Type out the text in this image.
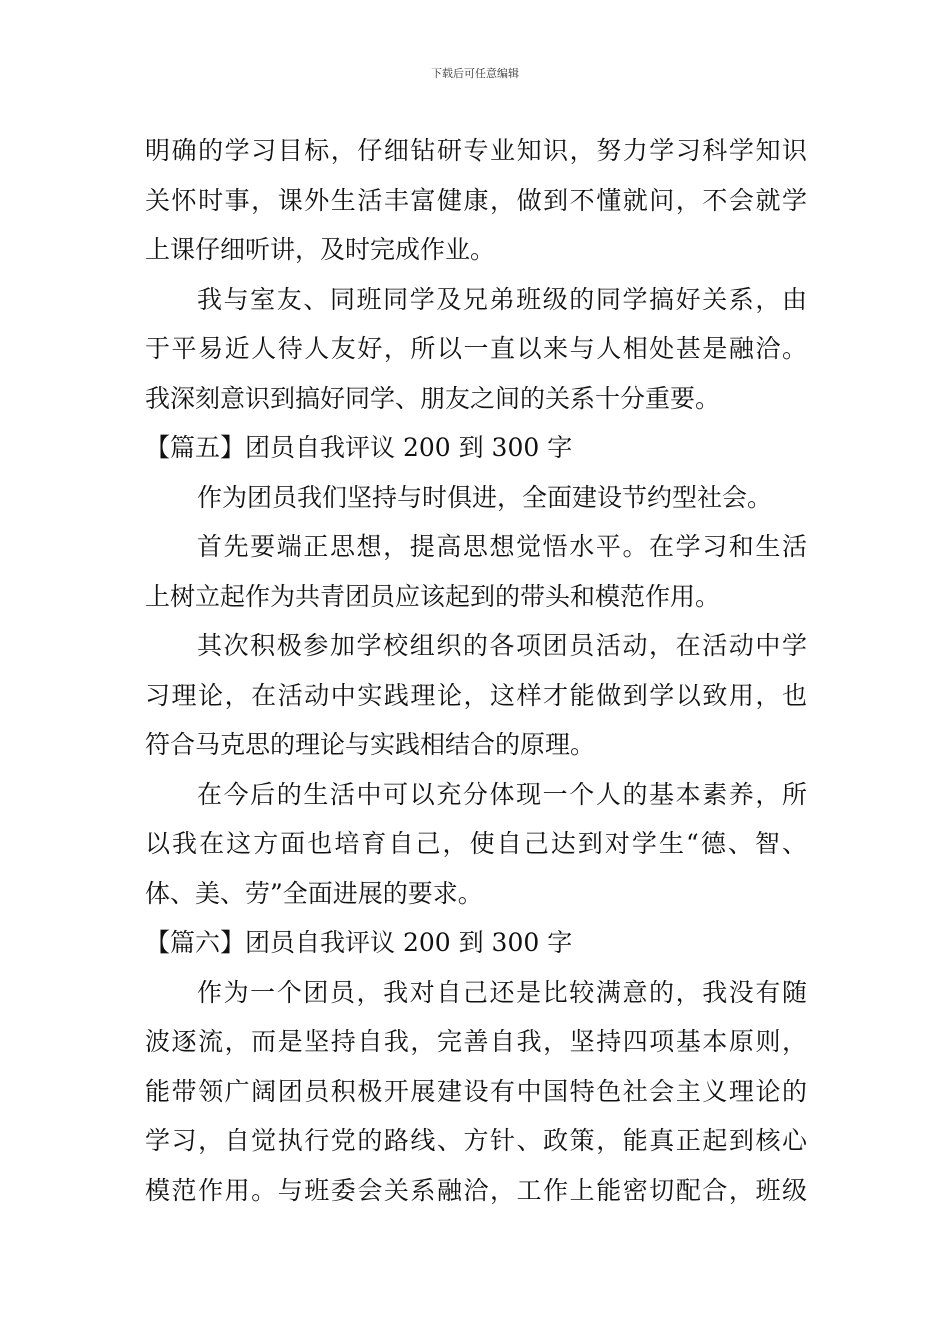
下载后可任意编辑
明确的学习目标，仔细钻研专业知识，努力学习科学知识
关怀时事，课外生活丰富健康，做到不懂就问，不会就学
上课仔细听讲，及时完成作业。
我与室友、同班同学及兄弟班级的同学搞好关系，由
于平易近人待人友好，所以一直以来与人相处甚是融洽。
我深刻意识到搞好同学、朋友之间的关系十分重要。
【篇五】团员自我评议 200 到 300 字
作为团员我们坚持与时俱进，全面建设节约型社会。
首先要端正思想，提高思想觉悟水平。在学习和生活
上树立起作为共青团员应该起到的带头和模范作用。
其次积极参加学校组织的各项团员活动，在活动中学
习理论，在活动中实践理论，这样才能做到学以致用，也
符合马克思的理论与实践相结合的原理。
在今后的生活中可以充分体现一个人的基本素养，所
以我在这方面也培育自己，使自己达到对学生“德、智、
体、美、劳”全面进展的要求。
【篇六】团员自我评议 200 到 300 字
作为一个团员，我对自己还是比较满意的，我没有随
波逐流，而是坚持自我，完善自我，坚持四项基本原则，
能带领广阔团员积极开展建设有中国特色社会主义理论的
学习，自觉执行党的路线、方针、政策，能真正起到核心
模范作用。与班委会关系融洽，工作上能密切配合，班级
